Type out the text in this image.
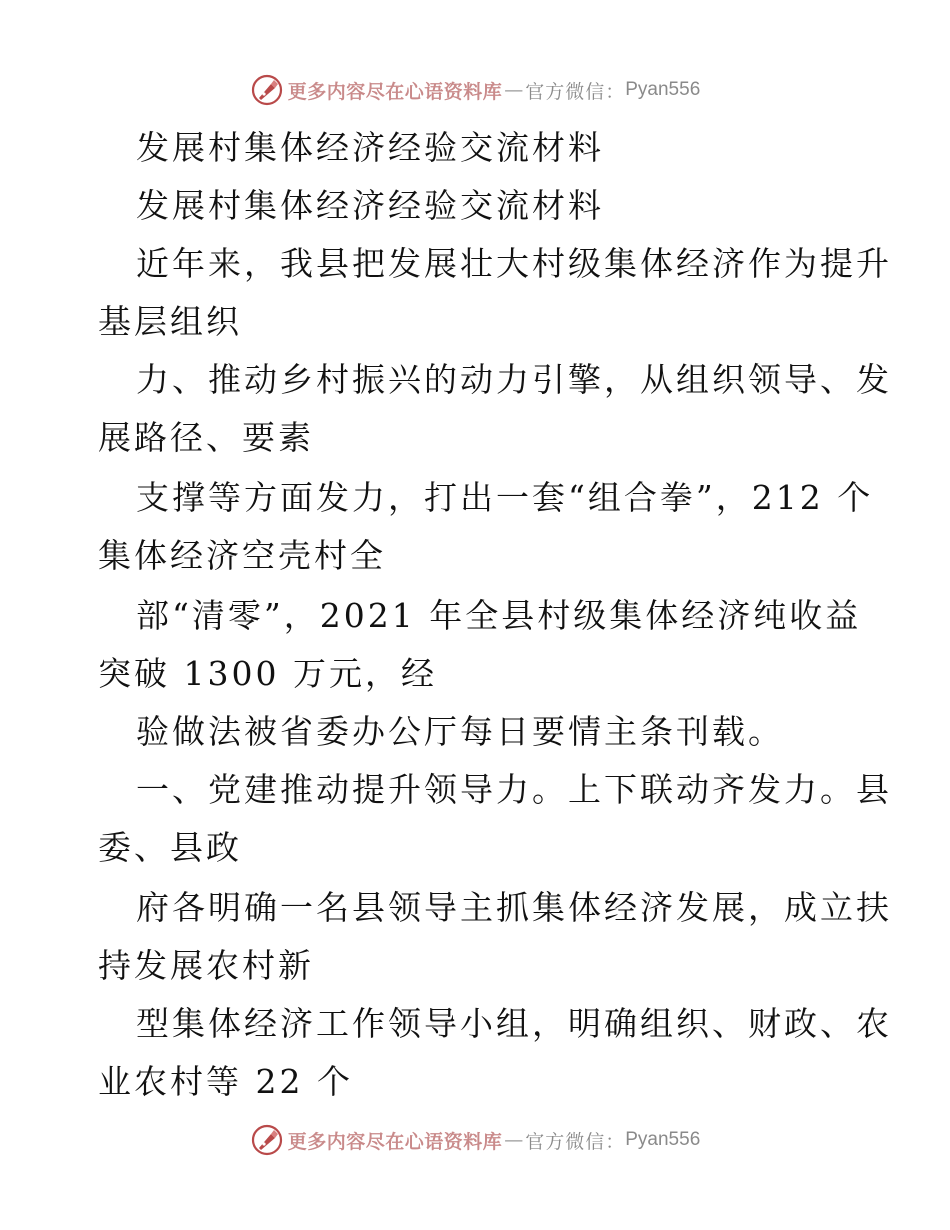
更多内容尽在心语资料库 — 官方微信： Pyan556
发展村集体经济经验交流材料
发展村集体经济经验交流材料
近年来，我县把发展壮大村级集体经济作为提升
基层组织
力、推动乡村振兴的动力引擎，从组织领导、发
展路径、要素
支撑等方面发力，打出一套“组合拳”，212 个
集体经济空壳村全
部“清零”，2021 年全县村级集体经济纯收益
突破 1300 万元，经
验做法被省委办公厅每日要情主条刊载。
一、党建推动提升领导力。上下联动齐发力。县
委、县政
府各明确一名县领导主抓集体经济发展，成立扶
持发展农村新
型集体经济工作领导小组，明确组织、财政、农
业农村等 22 个
更多内容尽在心语资料库 — 官方微信： Pyan556
